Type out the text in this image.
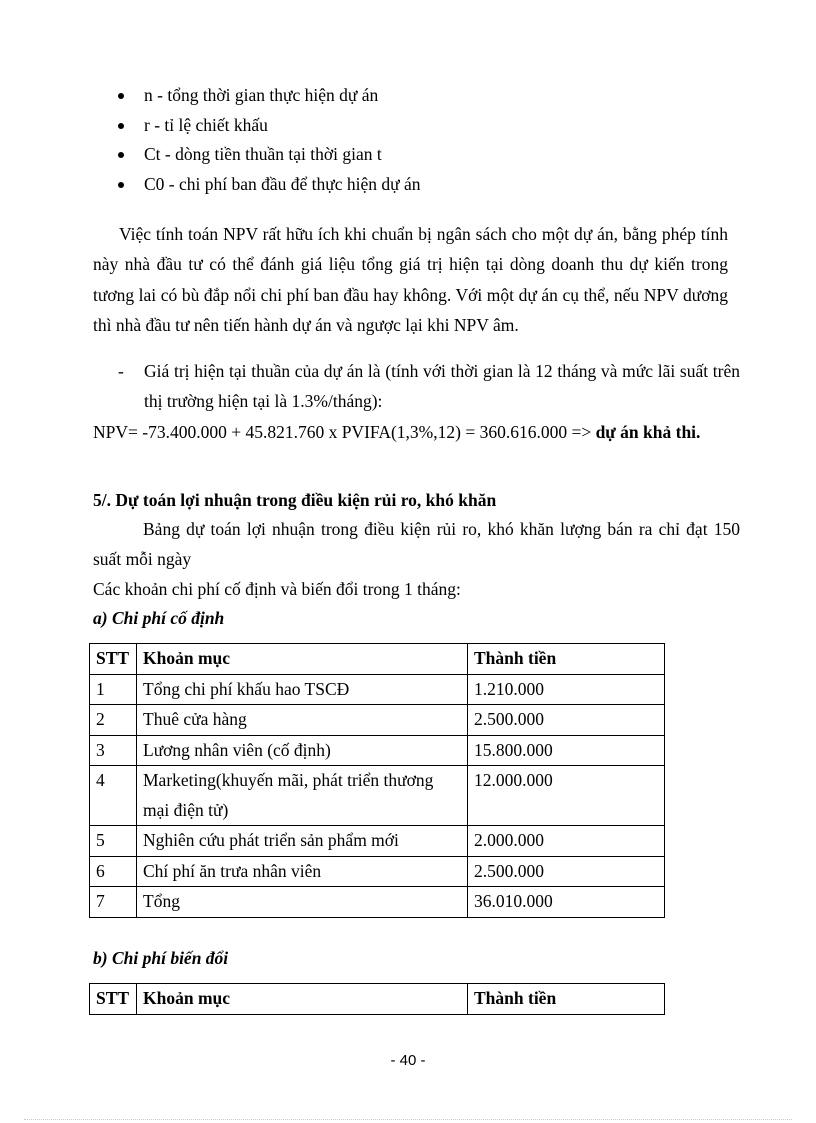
n - tổng thời gian thực hiện dự án
r - tỉ lệ chiết khấu
Ct - dòng tiền thuần tại thời gian t
C0 - chi phí ban đầu để thực hiện dự án
Việc tính toán NPV rất hữu ích khi chuẩn bị ngân sách cho một dự án, bằng phép tính này nhà đầu tư có thể đánh giá liệu tổng giá trị hiện tại dòng doanh thu dự kiến trong tương lai có bù đắp nổi chi phí ban đầu hay không. Với một dự án cụ thể, nếu NPV dương thì nhà đầu tư nên tiến hành dự án và ngược lại khi NPV âm.
- Giá trị hiện tại thuần của dự án là (tính với thời gian là 12 tháng và mức lãi suất trên thị trường hiện tại là 1.3%/tháng):
NPV= -73.400.000 + 45.821.760 x PVIFA(1,3%,12) = 360.616.000 => dự án khả thi.
5/. Dự toán lợi nhuận trong điều kiện rủi ro, khó khăn
Bảng dự toán lợi nhuận trong điều kiện rủi ro, khó khăn lượng bán ra chỉ đạt 150 suất mỗi ngày
Các khoản chi phí cố định và biến đổi trong 1 tháng:
a) Chi phí cố định
STT	Khoản mục	Thành tiền
1	Tổng chi phí khấu hao TSCĐ	1.210.000
2	Thuê cửa hàng	2.500.000
3	Lương nhân viên (cố định)	15.800.000
4	Marketing(khuyến mãi, phát triển thương mại điện tử)	12.000.000
5	Nghiên cứu phát triển sản phẩm mới	2.000.000
6	Chí phí ăn trưa nhân viên	2.500.000
7	Tổng	36.010.000
b) Chi phí biến đổi
STT	Khoản mục	Thành tiền
- 40 -
